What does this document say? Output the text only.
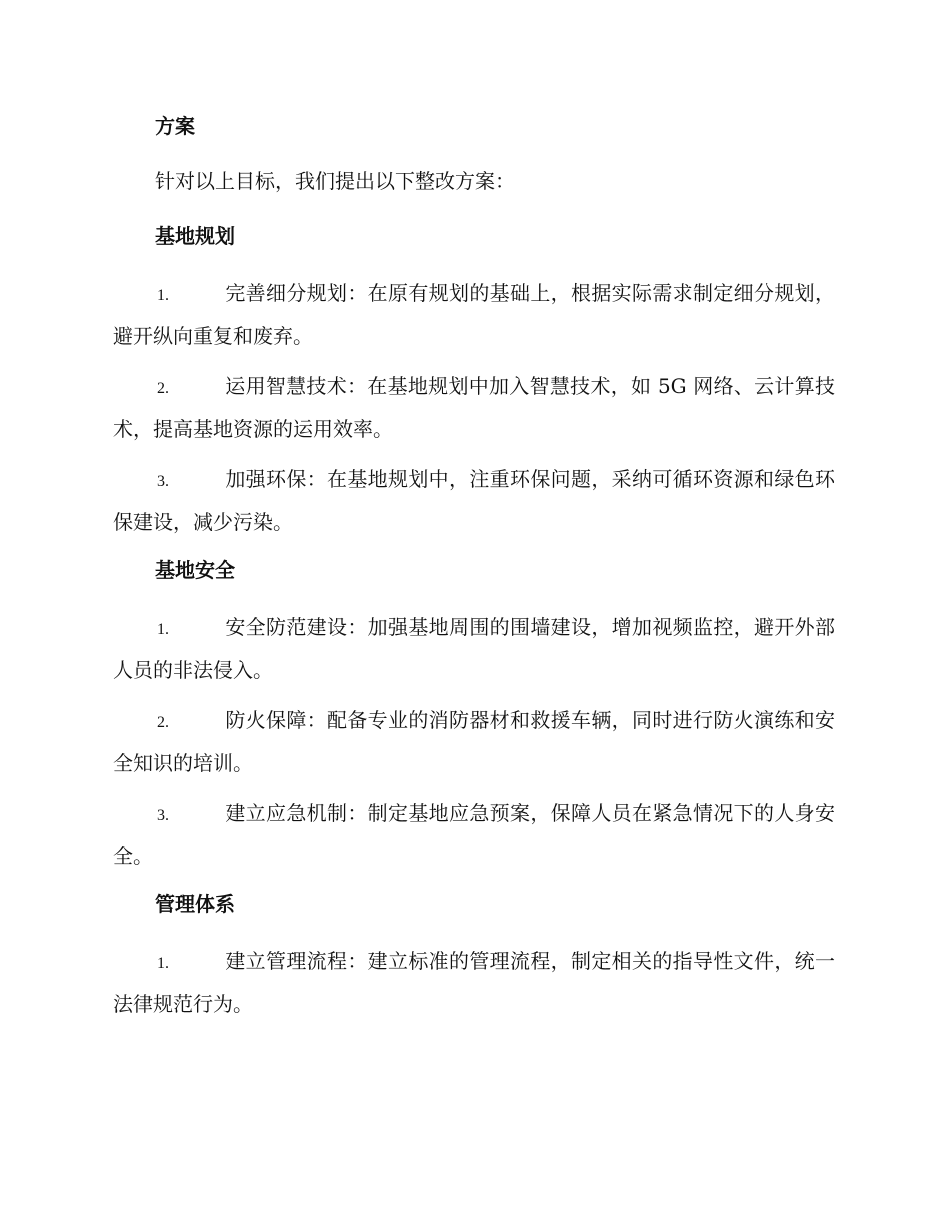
方案
针对以上目标，我们提出以下整改方案：
基地规划
1.	完善细分规划：在原有规划的基础上，根据实际需求制定细分规划，避开纵向重复和废弃。
2.	运用智慧技术：在基地规划中加入智慧技术，如 5G 网络、云计算技术，提高基地资源的运用效率。
3.	加强环保：在基地规划中，注重环保问题，采纳可循环资源和绿色环保建设，减少污染。
基地安全
1.	安全防范建设：加强基地周围的围墙建设，增加视频监控，避开外部人员的非法侵入。
2.	防火保障：配备专业的消防器材和救援车辆，同时进行防火演练和安全知识的培训。
3.	建立应急机制：制定基地应急预案，保障人员在紧急情况下的人身安全。
管理体系
1.	建立管理流程：建立标准的管理流程，制定相关的指导性文件，统一法律规范行为。
